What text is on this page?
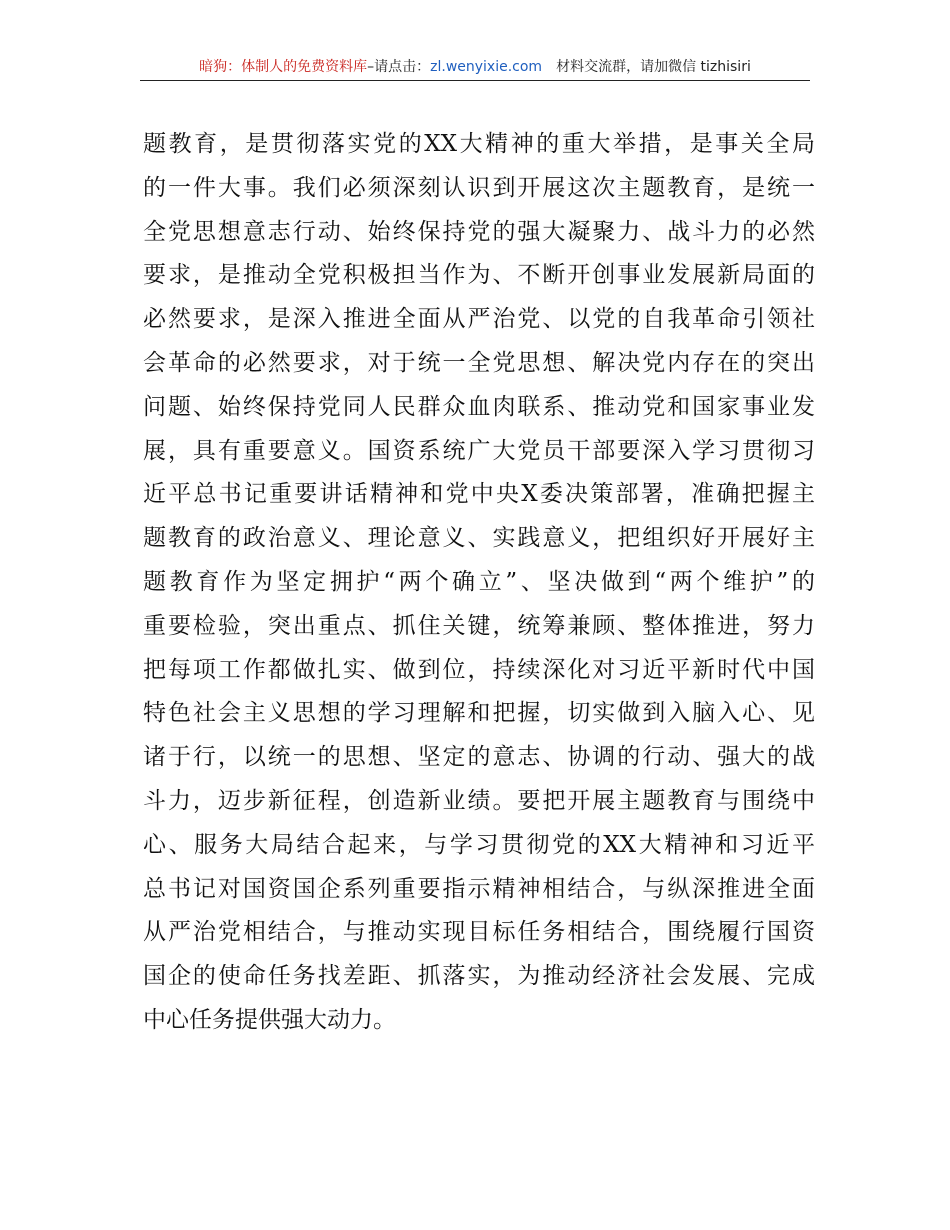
暗狗：体制人的免费资料库–请点击：zl.wenyixie.com 材料交流群，请加微信 tizhisiri
题教育，是贯彻落实党的XX大精神的重大举措，是事关全局
的一件大事。我们必须深刻认识到开展这次主题教育，是统一
全党思想意志行动、始终保持党的强大凝聚力、战斗力的必然
要求，是推动全党积极担当作为、不断开创事业发展新局面的
必然要求，是深入推进全面从严治党、以党的自我革命引领社
会革命的必然要求，对于统一全党思想、解决党内存在的突出
问题、始终保持党同人民群众血肉联系、推动党和国家事业发
展，具有重要意义。国资系统广大党员干部要深入学习贯彻习
近平总书记重要讲话精神和党中央X委决策部署，准确把握主
题教育的政治意义、理论意义、实践意义，把组织好开展好主
题教育作为坚定拥护“两个确立”、坚决做到“两个维护”的
重要检验，突出重点、抓住关键，统筹兼顾、整体推进，努力
把每项工作都做扎实、做到位，持续深化对习近平新时代中国
特色社会主义思想的学习理解和把握，切实做到入脑入心、见
诸于行，以统一的思想、坚定的意志、协调的行动、强大的战
斗力，迈步新征程，创造新业绩。要把开展主题教育与围绕中
心、服务大局结合起来，与学习贯彻党的XX大精神和习近平
总书记对国资国企系列重要指示精神相结合，与纵深推进全面
从严治党相结合，与推动实现目标任务相结合，围绕履行国资
国企的使命任务找差距、抓落实，为推动经济社会发展、完成
中心任务提供强大动力。
